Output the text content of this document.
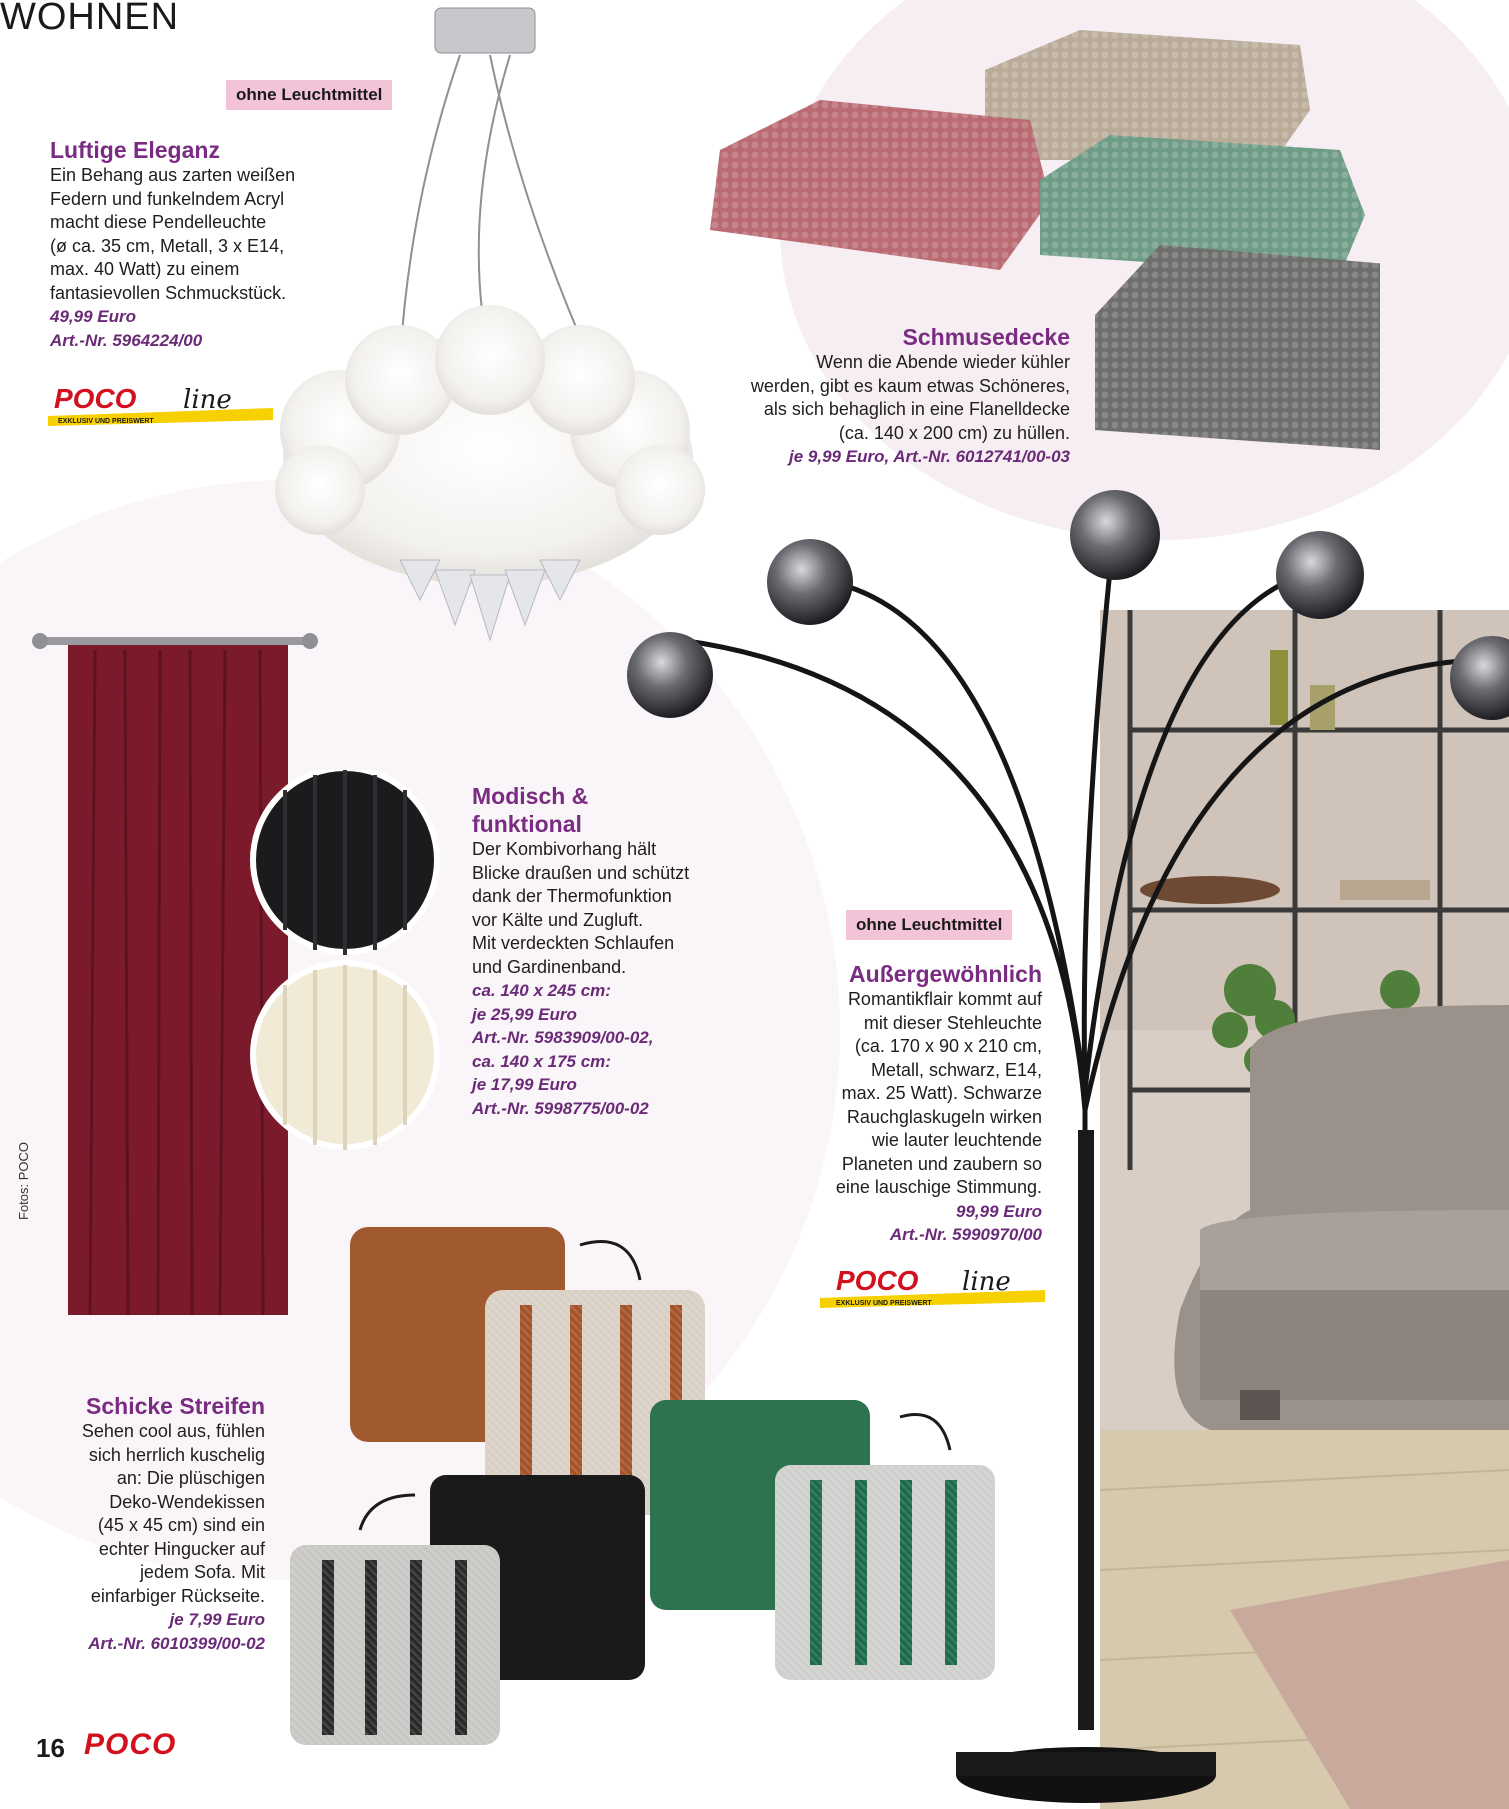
WOHNEN
ohne Leuchtmittel
ohne Leuchtmittel
Luftige Eleganz
Ein Behang aus zarten weißen
Federn und funkelndem Acryl
macht diese Pendelleuchte
(ø ca. 35 cm, Metall, 3 x E14,
max. 40 Watt) zu einem
fantasievollen Schmuckstück.
49,99 Euro
Art.-Nr. 5964224/00
POCO line
EXKLUSIV UND PREISWERT
Schmusedecke
Wenn die Abende wieder kühler
werden, gibt es kaum etwas Schöneres,
als sich behaglich in eine Flanelldecke
(ca. 140 x 200 cm) zu hüllen.
je 9,99 Euro, Art.-Nr. 6012741/00-03
Modisch &
funktional
Der Kombivorhang hält
Blicke draußen und schützt
dank der Thermofunktion
vor Kälte und Zugluft.
Mit verdeckten Schlaufen
und Gardinenband.
ca. 140 x 245 cm:
je 25,99 Euro
Art.-Nr. 5983909/00-02,
ca. 140 x 175 cm:
je 17,99 Euro
Art.-Nr. 5998775/00-02
Außergewöhnlich
Romantikflair kommt auf
mit dieser Stehleuchte
(ca. 170 x 90 x 210 cm,
Metall, schwarz, E14,
max. 25 Watt). Schwarze
Rauchglaskugeln wirken
wie lauter leuchtende
Planeten und zaubern so
eine lauschige Stimmung.
99,99 Euro
Art.-Nr. 5990970/00
POCO line
EXKLUSIV UND PREISWERT
Schicke Streifen
Sehen cool aus, fühlen
sich herrlich kuschelig
an: Die plüschigen
Deko-Wendekissen
(45 x 45 cm) sind ein
echter Hingucker auf
jedem Sofa. Mit
einfarbiger Rückseite.
je 7,99 Euro
Art.-Nr. 6010399/00-02
Fotos: POCO
16 POCO
